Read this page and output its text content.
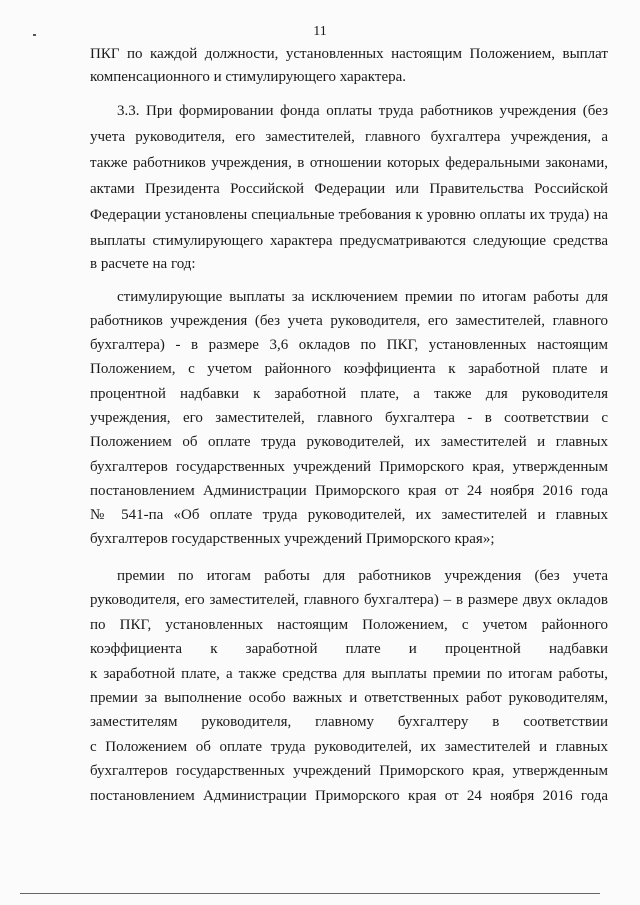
11
ПКГ по каждой должности, установленных настоящим Положением, выплат
компенсационного и стимулирующего характера.
3.3. При формировании фонда оплаты труда работников учреждения (без
учета руководителя, его заместителей, главного бухгалтера учреждения, а
также работников учреждения, в отношении которых федеральными законами,
актами Президента Российской Федерации или Правительства Российской
Федерации установлены специальные требования к уровню оплаты их труда) на
выплаты стимулирующего характера предусматриваются следующие средства
в расчете на год:
стимулирующие выплаты за исключением премии по итогам работы для
работников учреждения (без учета руководителя, его заместителей, главного
бухгалтера) - в размере 3,6 окладов по ПКГ, установленных настоящим
Положением, с учетом районного коэффициента к заработной плате и
процентной надбавки к заработной плате, а также для руководителя
учреждения, его заместителей, главного бухгалтера - в соответствии с
Положением об оплате труда руководителей, их заместителей и главных
бухгалтеров государственных учреждений Приморского края, утвержденным
постановлением Администрации Приморского края от 24 ноября 2016 года
№ 541-па «Об оплате труда руководителей, их заместителей и главных
бухгалтеров государственных учреждений Приморского края»;
премии по итогам работы для работников учреждения (без учета
руководителя, его заместителей, главного бухгалтера) – в размере двух окладов
по ПКГ, установленных настоящим Положением, с учетом районного
коэффициента к заработной плате и процентной надбавки
к заработной плате, а также средства для выплаты премии по итогам работы,
премии за выполнение особо важных и ответственных работ руководителям,
заместителям руководителя, главному бухгалтеру в соответствии
с Положением об оплате труда руководителей, их заместителей и главных
бухгалтеров государственных учреждений Приморского края, утвержденным
постановлением Администрации Приморского края от 24 ноября 2016 года
